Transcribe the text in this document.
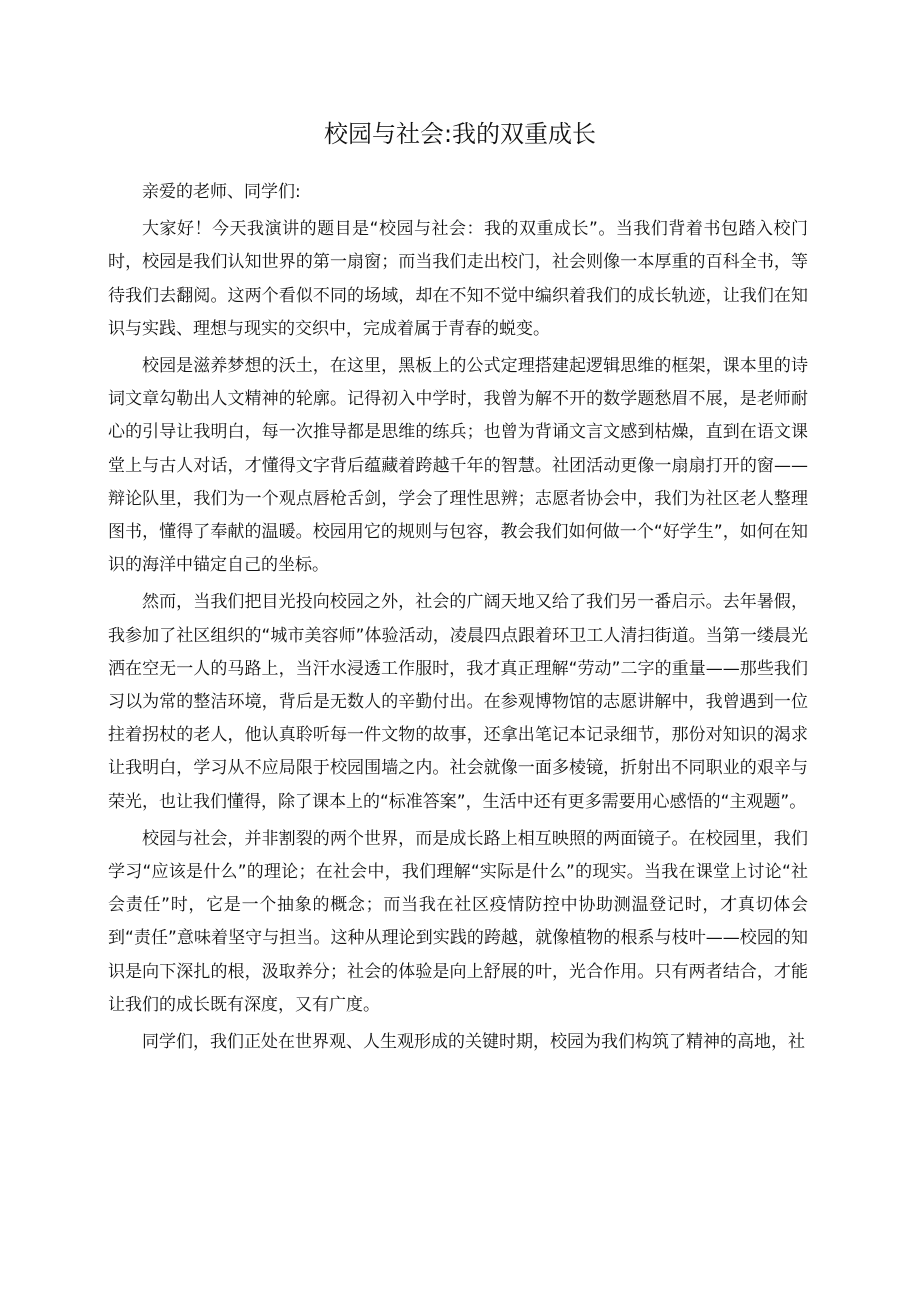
校园与社会:我的双重成长

亲爱的老师、同学们:

大家好！今天我演讲的题目是“校园与社会：我的双重成长”。当我们背着书包踏入校门时，校园是我们认知世界的第一扇窗；而当我们走出校门，社会则像一本厚重的百科全书，等待我们去翻阅。这两个看似不同的场域，却在不知不觉中编织着我们的成长轨迹，让我们在知识与实践、理想与现实的交织中，完成着属于青春的蜕变。

校园是滋养梦想的沃土，在这里，黑板上的公式定理搭建起逻辑思维的框架，课本里的诗词文章勾勒出人文精神的轮廓。记得初入中学时，我曾为解不开的数学题愁眉不展，是老师耐心的引导让我明白，每一次推导都是思维的练兵；也曾为背诵文言文感到枯燥，直到在语文课堂上与古人对话，才懂得文字背后蕴藏着跨越千年的智慧。社团活动更像一扇扇打开的窗——辩论队里，我们为一个观点唇枪舌剑，学会了理性思辨；志愿者协会中，我们为社区老人整理图书，懂得了奉献的温暖。校园用它的规则与包容，教会我们如何做一个“好学生”，如何在知识的海洋中锚定自己的坐标。

然而，当我们把目光投向校园之外，社会的广阔天地又给了我们另一番启示。去年暑假，我参加了社区组织的“城市美容师”体验活动，凌晨四点跟着环卫工人清扫街道。当第一缕晨光洒在空无一人的马路上，当汗水浸透工作服时，我才真正理解“劳动”二字的重量——那些我们习以为常的整洁环境，背后是无数人的辛勤付出。在参观博物馆的志愿讲解中，我曾遇到一位拄着拐杖的老人，他认真聆听每一件文物的故事，还拿出笔记本记录细节，那份对知识的渴求让我明白，学习从不应局限于校园围墙之内。社会就像一面多棱镜，折射出不同职业的艰辛与荣光，也让我们懂得，除了课本上的“标准答案”，生活中还有更多需要用心感悟的“主观题”。

校园与社会，并非割裂的两个世界，而是成长路上相互映照的两面镜子。在校园里，我们学习“应该是什么”的理论；在社会中，我们理解“实际是什么”的现实。当我在课堂上讨论“社会责任”时，它是一个抽象的概念；而当我在社区疫情防控中协助测温登记时，才真切体会到“责任”意味着坚守与担当。这种从理论到实践的跨越，就像植物的根系与枝叶——校园的知识是向下深扎的根，汲取养分；社会的体验是向上舒展的叶，光合作用。只有两者结合，才能让我们的成长既有深度，又有广度。

同学们，我们正处在世界观、人生观形成的关键时期，校园为我们构筑了精神的高地，社
